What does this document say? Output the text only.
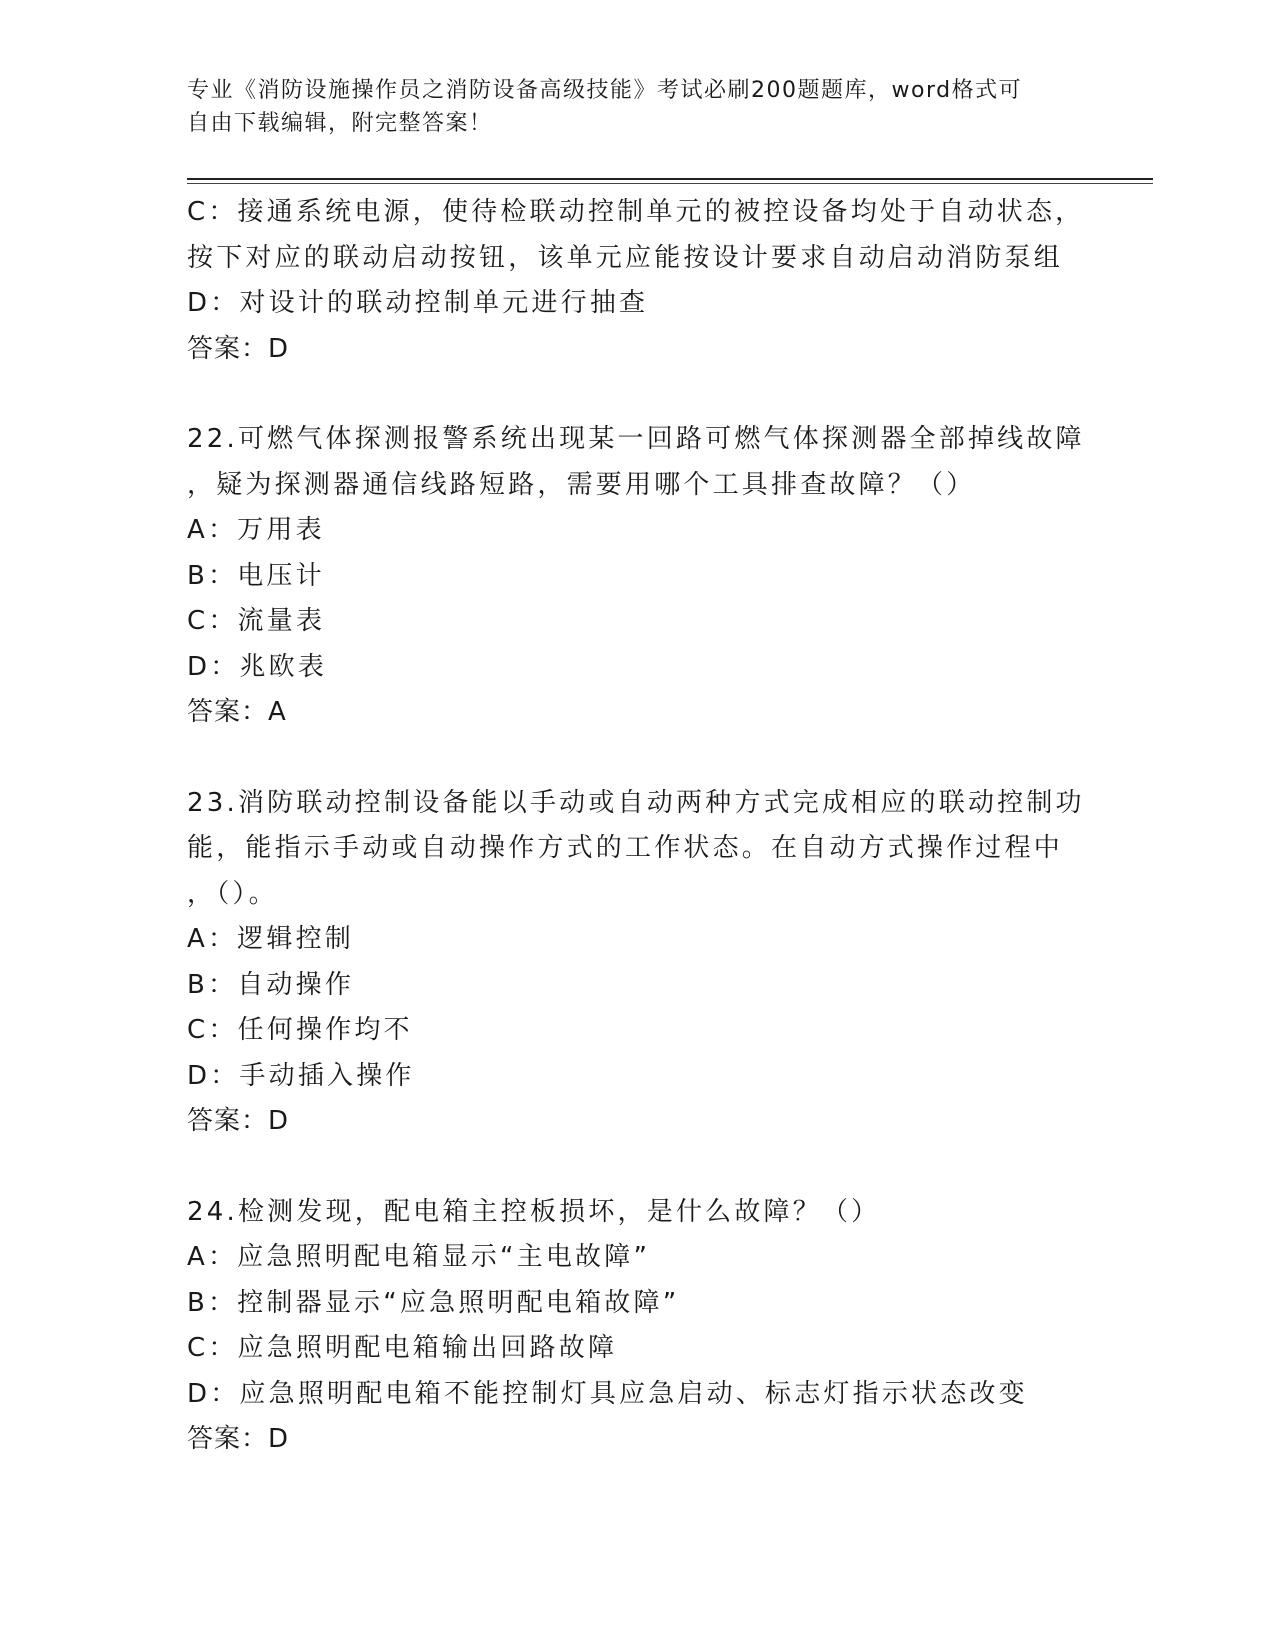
专业《消防设施操作员之消防设备高级技能》考试必刷200题题库，word格式可
自由下载编辑，附完整答案！
C：接通系统电源，使待检联动控制单元的被控设备均处于自动状态，
按下对应的联动启动按钮，该单元应能按设计要求自动启动消防泵组
D：对设计的联动控制单元进行抽查
答案：D
22.可燃气体探测报警系统出现某一回路可燃气体探测器全部掉线故障
，疑为探测器通信线路短路，需要用哪个工具排查故障？（）
A：万用表
B：电压计
C：流量表
D：兆欧表
答案：A
23.消防联动控制设备能以手动或自动两种方式完成相应的联动控制功
能，能指示手动或自动操作方式的工作状态。在自动方式操作过程中
，（）。
A：逻辑控制
B：自动操作
C：任何操作均不
D：手动插入操作
答案：D
24.检测发现，配电箱主控板损坏，是什么故障？（）
A：应急照明配电箱显示“主电故障”
B：控制器显示“应急照明配电箱故障”
C：应急照明配电箱输出回路故障
D：应急照明配电箱不能控制灯具应急启动、标志灯指示状态改变
答案：D
